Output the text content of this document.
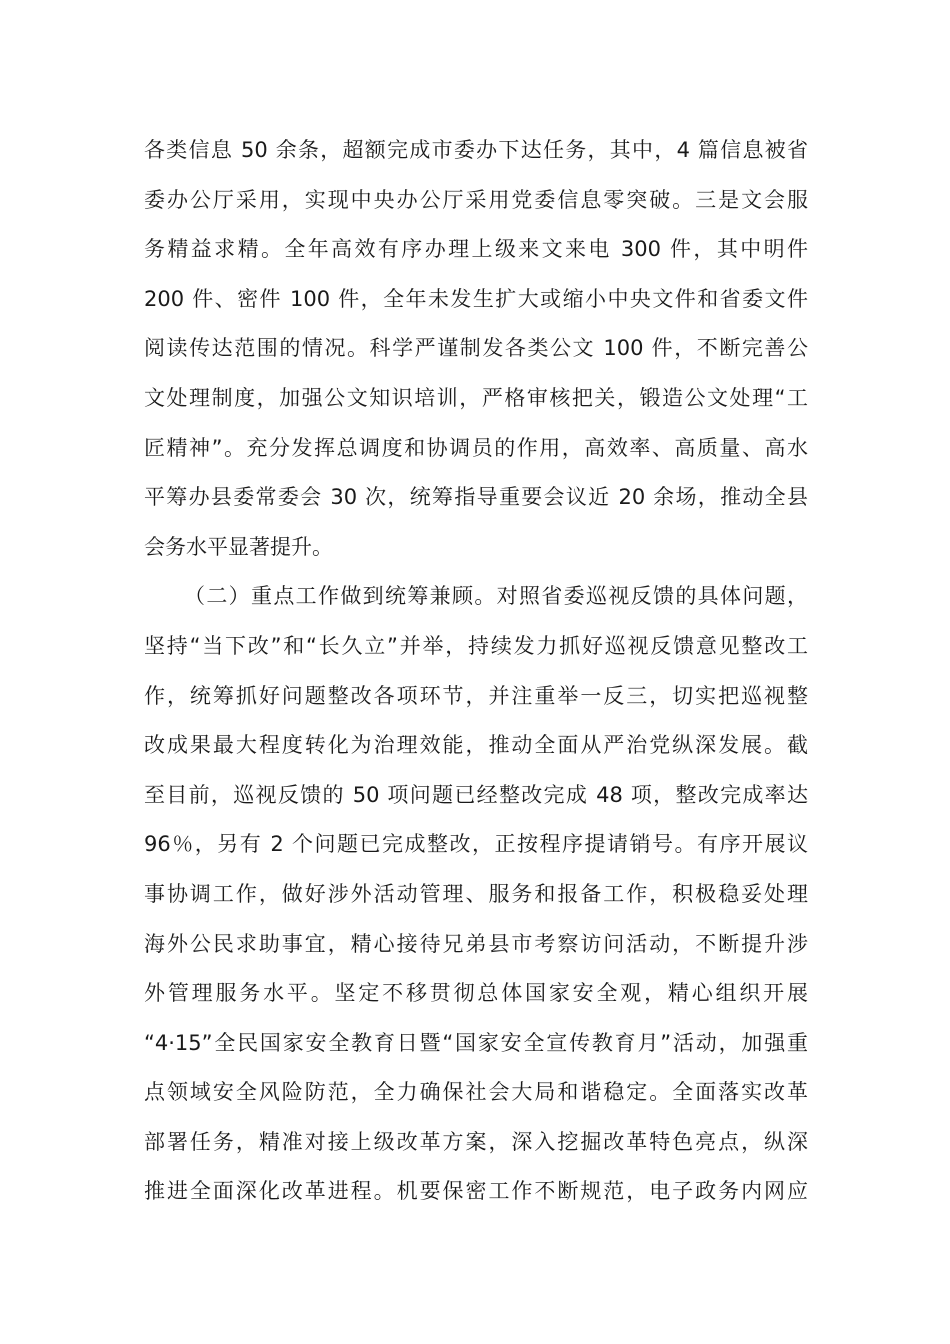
各类信息 50 余条，超额完成市委办下达任务，其中，4 篇信息被省
委办公厅采用，实现中央办公厅采用党委信息零突破。三是文会服
务精益求精。全年高效有序办理上级来文来电 300 件，其中明件
200 件、密件 100 件，全年未发生扩大或缩小中央文件和省委文件
阅读传达范围的情况。科学严谨制发各类公文 100 件，不断完善公
文处理制度，加强公文知识培训，严格审核把关，锻造公文处理“工
匠精神”。充分发挥总调度和协调员的作用，高效率、高质量、高水
平筹办县委常委会 30 次，统筹指导重要会议近 20 余场，推动全县
会务水平显著提升。
（二）重点工作做到统筹兼顾。对照省委巡视反馈的具体问题，
坚持“当下改”和“长久立”并举，持续发力抓好巡视反馈意见整改工
作，统筹抓好问题整改各项环节，并注重举一反三，切实把巡视整
改成果最大程度转化为治理效能，推动全面从严治党纵深发展。截
至目前，巡视反馈的 50 项问题已经整改完成 48 项，整改完成率达
96％，另有 2 个问题已完成整改，正按程序提请销号。有序开展议
事协调工作，做好涉外活动管理、服务和报备工作，积极稳妥处理
海外公民求助事宜，精心接待兄弟县市考察访问活动，不断提升涉
外管理服务水平。坚定不移贯彻总体国家安全观，精心组织开展
“4·15”全民国家安全教育日暨“国家安全宣传教育月”活动，加强重
点领域安全风险防范，全力确保社会大局和谐稳定。全面落实改革
部署任务，精准对接上级改革方案，深入挖掘改革特色亮点，纵深
推进全面深化改革进程。机要保密工作不断规范，电子政务内网应
